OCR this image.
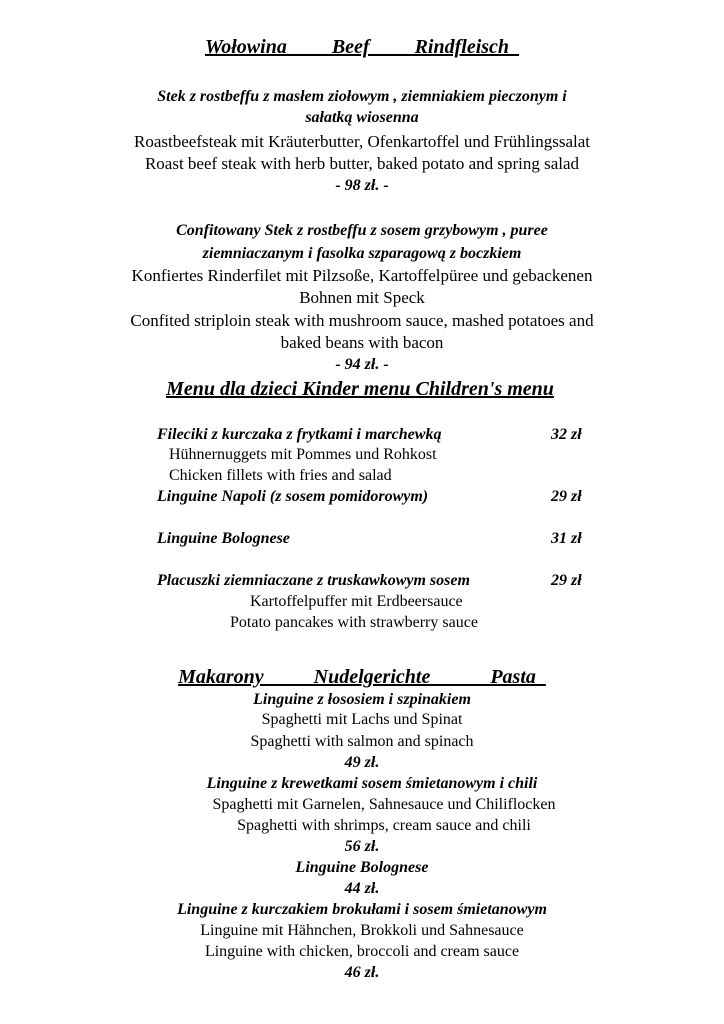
Wołowina         Beef         Rindfleisch
Stek z rostbeffu z masłem ziołowym , ziemniakiem pieczonym i
sałatką wiosenna
Roastbeefsteak mit Kräuterbutter, Ofenkartoffel und Frühlingssalat
Roast beef steak with herb butter, baked potato and spring salad
- 98 zł. -
Confitowany Stek z rostbeffu z sosem grzybowym , puree
ziemniaczanym i fasolka szparagową z boczkiem
Konfiertes Rinderfilet mit Pilzsoße, Kartoffelpüree und gebackenen
Bohnen mit Speck
Confited striploin steak with mushroom sauce, mashed potatoes and
baked beans with bacon
- 94 zł. -
Menu dla dzieci Kinder menu Children's menu
Fileciki z kurczaka z frytkami i marchewką	32 zł
Hühnernuggets mit Pommes und Rohkost
Chicken fillets with fries and salad
Linguine Napoli (z sosem pomidorowym)	29 zł
Linguine Bolognese	31 zł
Placuszki ziemniaczane z truskawkowym sosem	29 zł
Kartoffelpuffer mit Erdbeersauce
Potato pancakes with strawberry sauce
Makarony          Nudelgerichte            Pasta
Linguine z łososiem i szpinakiem
Spaghetti mit Lachs und Spinat
Spaghetti with salmon and spinach
49 zł.
Linguine z krewetkami sosem śmietanowym i chili
Spaghetti mit Garnelen, Sahnesauce und Chiliflocken
Spaghetti with shrimps, cream sauce and chili
56 zł.
Linguine Bolognese
44 zł.
Linguine z kurczakiem brokułami i sosem śmietanowym
Linguine mit Hähnchen, Brokkoli und Sahnesauce
Linguine with chicken, broccoli and cream sauce
46 zł.
